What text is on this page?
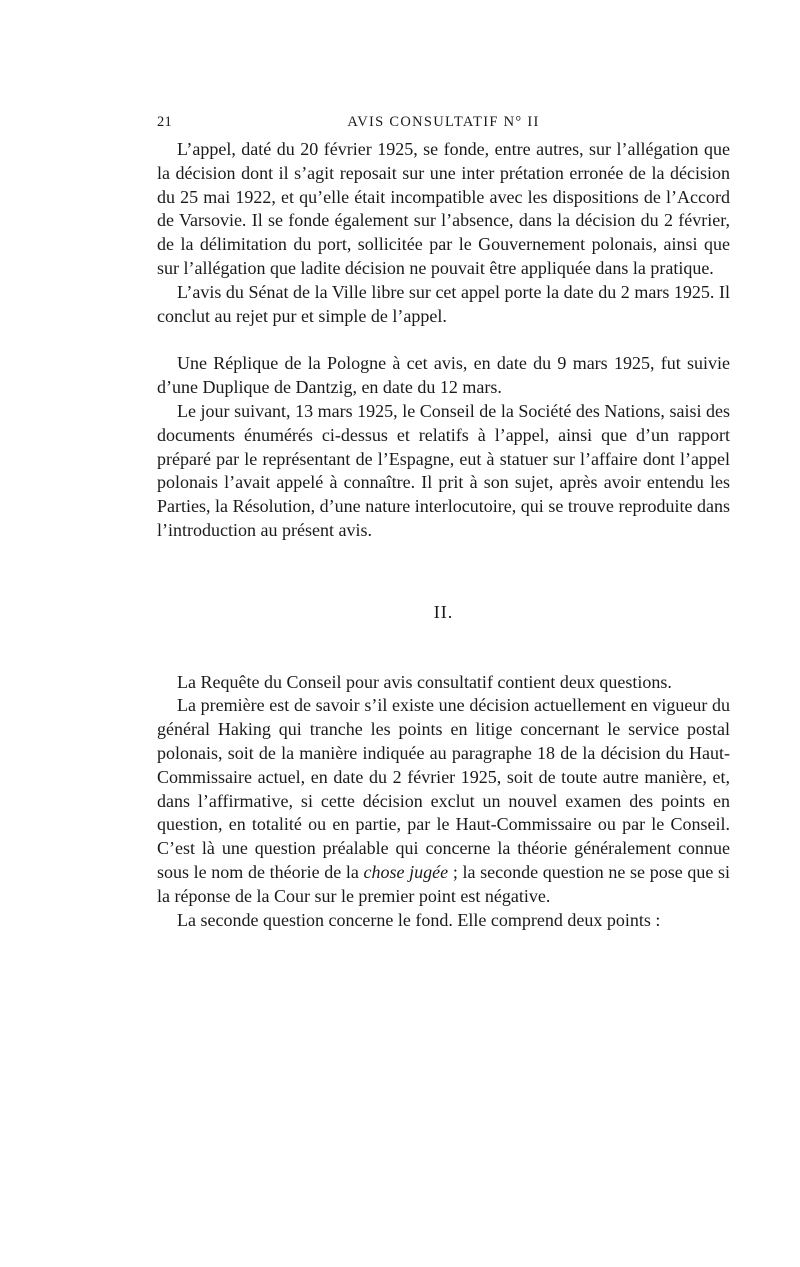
21	AVIS CONSULTATIF N° II

L’appel, daté du 20 février 1925, se fonde, entre autres, sur l’allégation que la décision dont il s’agit reposait sur une inter prétation erronée de la décision du 25 mai 1922, et qu’elle était incompatible avec les dispositions de l’Accord de Varsovie. Il se fonde également sur l’absence, dans la décision du 2 février, de la délimitation du port, sollicitée par le Gouvernement polonais, ainsi que sur l’allégation que ladite décision ne pouvait être appliquée dans la pratique.

L’avis du Sénat de la Ville libre sur cet appel porte la date du 2 mars 1925. Il conclut au rejet pur et simple de l’appel.

Une Réplique de la Pologne à cet avis, en date du 9 mars 1925, fut suivie d’une Duplique de Dantzig, en date du 12 mars.

Le jour suivant, 13 mars 1925, le Conseil de la Société des Nations, saisi des documents énumérés ci-dessus et relatifs à l’appel, ainsi que d’un rapport préparé par le représentant de l’Espagne, eut à statuer sur l’affaire dont l’appel polonais l’avait appelé à connaître. Il prit à son sujet, après avoir entendu les Parties, la Résolution, d’une nature interlocutoire, qui se trouve reproduite dans l’introduction au présent avis.

II.

La Requête du Conseil pour avis consultatif contient deux questions.

La première est de savoir s’il existe une décision actuellement en vigueur du général Haking qui tranche les points en litige concernant le service postal polonais, soit de la manière indiquée au paragraphe 18 de la décision du Haut-Commissaire actuel, en date du 2 février 1925, soit de toute autre manière, et, dans l’affirmative, si cette décision exclut un nouvel examen des points en question, en totalité ou en partie, par le Haut-Commissaire ou par le Conseil. C’est là une question préalable qui concerne la théorie généralement connue sous le nom de théorie de la chose jugée ; la seconde question ne se pose que si la réponse de la Cour sur le premier point est négative.

La seconde question concerne le fond. Elle comprend deux points :
